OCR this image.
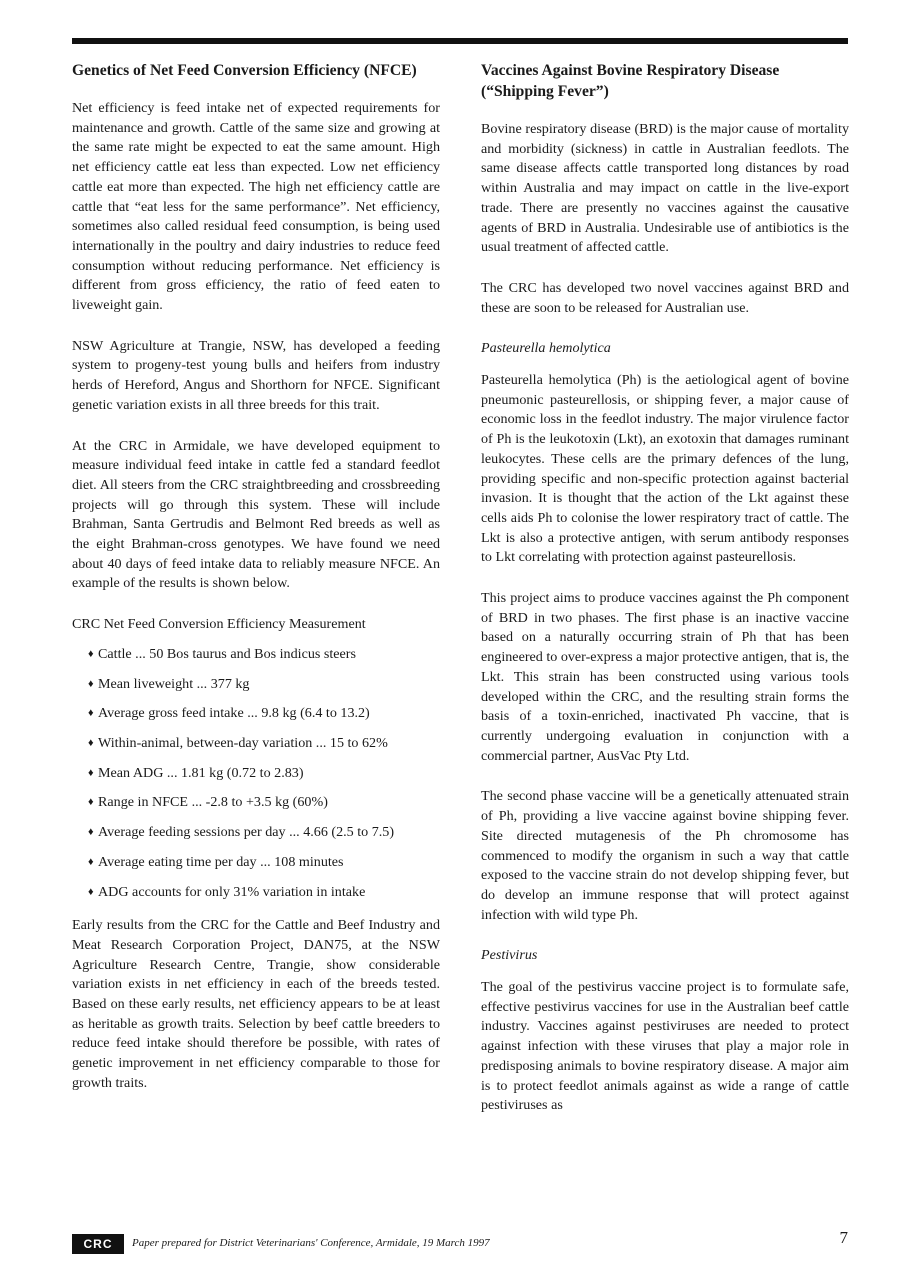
Genetics of Net Feed Conversion Efficiency (NFCE)

Net efficiency is feed intake net of expected requirements for maintenance and growth. Cattle of the same size and growing at the same rate might be expected to eat the same amount. High net efficiency cattle eat less than expected. Low net efficiency cattle eat more than expected. The high net efficiency cattle are cattle that “eat less for the same performance”. Net efficiency, sometimes also called residual feed consumption, is being used internationally in the poultry and dairy industries to reduce feed consumption without reducing performance. Net efficiency is different from gross efficiency, the ratio of feed eaten to liveweight gain.

NSW Agriculture at Trangie, NSW, has developed a feeding system to progeny-test young bulls and heifers from industry herds of Hereford, Angus and Shorthorn for NFCE. Significant genetic variation exists in all three breeds for this trait.

At the CRC in Armidale, we have developed equipment to measure individual feed intake in cattle fed a standard feedlot diet. All steers from the CRC straightbreeding and crossbreeding projects will go through this system. These will include Brahman, Santa Gertrudis and Belmont Red breeds as well as the eight Brahman-cross genotypes. We have found we need about 40 days of feed intake data to reliably measure NFCE. An example of the results is shown below.

CRC Net Feed Conversion Efficiency Measurement
♦ Cattle ... 50 Bos taurus and Bos indicus steers
♦ Mean liveweight ... 377 kg
♦ Average gross feed intake ... 9.8 kg (6.4 to 13.2)
♦ Within-animal, between-day variation ... 15 to 62%
♦ Mean ADG ... 1.81 kg (0.72 to 2.83)
♦ Range in NFCE ... -2.8 to +3.5 kg (60%)
♦ Average feeding sessions per day ... 4.66 (2.5 to 7.5)
♦ Average eating time per day ... 108 minutes
♦ ADG accounts for only 31% variation in intake

Early results from the CRC for the Cattle and Beef Industry and Meat Research Corporation Project, DAN75, at the NSW Agriculture Research Centre, Trangie, show considerable variation exists in net efficiency in each of the breeds tested. Based on these early results, net efficiency appears to be at least as heritable as growth traits. Selection by beef cattle breeders to reduce feed intake should therefore be possible, with rates of genetic improvement in net efficiency comparable to those for growth traits.

Vaccines Against Bovine Respiratory Disease (“Shipping Fever”)

Bovine respiratory disease (BRD) is the major cause of mortality and morbidity (sickness) in cattle in Australian feedlots. The same disease affects cattle transported long distances by road within Australia and may impact on cattle in the live-export trade. There are presently no vaccines against the causative agents of BRD in Australia. Undesirable use of antibiotics is the usual treatment of affected cattle.

The CRC has developed two novel vaccines against BRD and these are soon to be released for Australian use.

Pasteurella hemolytica

Pasteurella hemolytica (Ph) is the aetiological agent of bovine pneumonic pasteurellosis, or shipping fever, a major cause of economic loss in the feedlot industry. The major virulence factor of Ph is the leukotoxin (Lkt), an exotoxin that damages ruminant leukocytes. These cells are the primary defences of the lung, providing specific and non-specific protection against bacterial invasion. It is thought that the action of the Lkt against these cells aids Ph to colonise the lower respiratory tract of cattle. The Lkt is also a protective antigen, with serum antibody responses to Lkt correlating with protection against pasteurellosis.

This project aims to produce vaccines against the Ph component of BRD in two phases. The first phase is an inactive vaccine based on a naturally occurring strain of Ph that has been engineered to over-express a major protective antigen, that is, the Lkt. This strain has been constructed using various tools developed within the CRC, and the resulting strain forms the basis of a toxin-enriched, inactivated Ph vaccine, that is currently undergoing evaluation in conjunction with a commercial partner, AusVac Pty Ltd.

The second phase vaccine will be a genetically attenuated strain of Ph, providing a live vaccine against bovine shipping fever. Site directed mutagenesis of the Ph chromosome has commenced to modify the organism in such a way that cattle exposed to the vaccine strain do not develop shipping fever, but do develop an immune response that will protect against infection with wild type Ph.

Pestivirus

The goal of the pestivirus vaccine project is to formulate safe, effective pestivirus vaccines for use in the Australian beef cattle industry. Vaccines against pestiviruses are needed to protect against infection with these viruses that play a major role in predisposing animals to bovine respiratory disease. A major aim is to protect feedlot animals against as wide a range of cattle pestiviruses as

CRC	Paper prepared for District Veterinarians' Conference, Armidale, 19 March 1997	7
